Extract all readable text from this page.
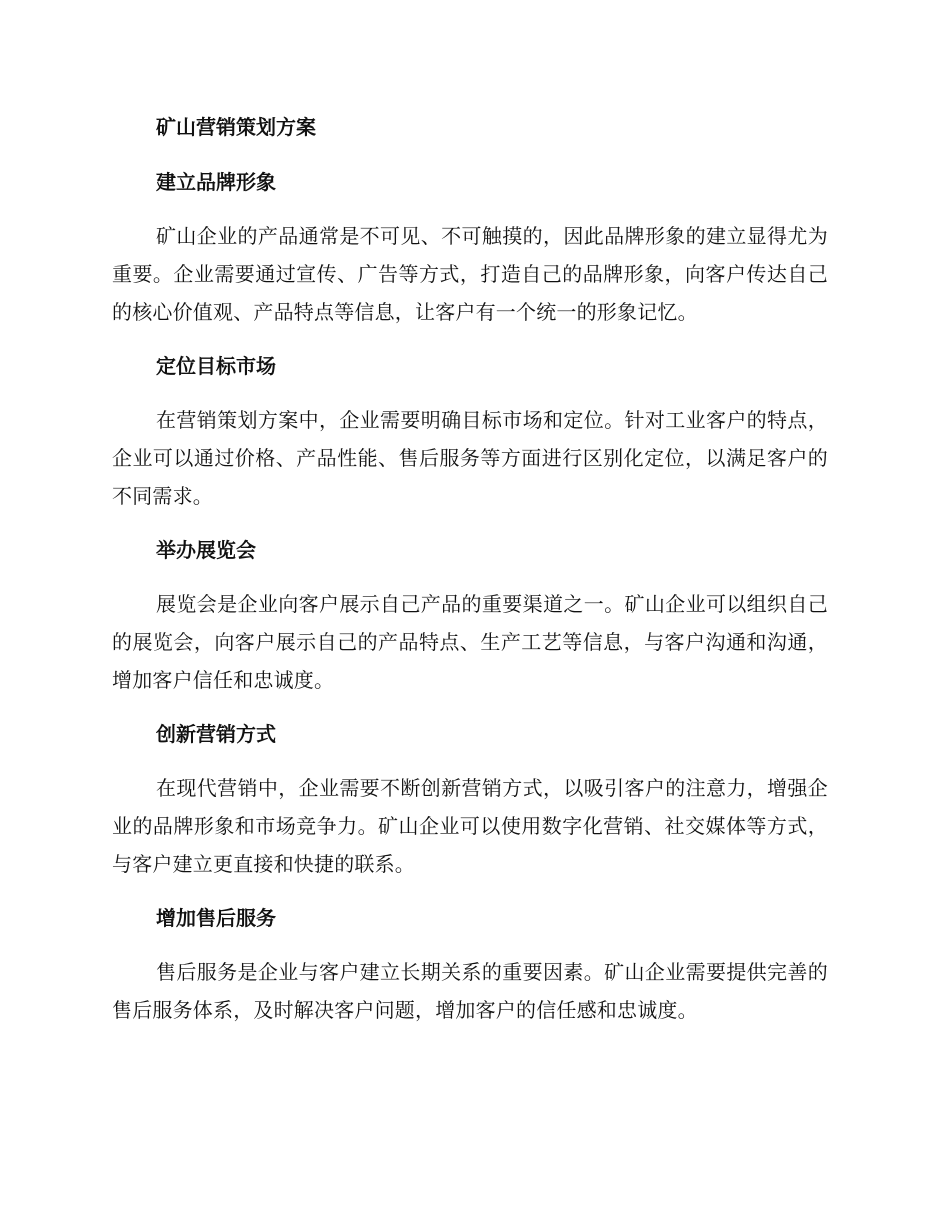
矿山营销策划方案
建立品牌形象

矿山企业的产品通常是不可见、不可触摸的，因此品牌形象的建立显得尤为重要。企业需要通过宣传、广告等方式，打造自己的品牌形象，向客户传达自己的核心价值观、产品特点等信息，让客户有一个统一的形象记忆。

定位目标市场

在营销策划方案中，企业需要明确目标市场和定位。针对工业客户的特点，企业可以通过价格、产品性能、售后服务等方面进行区别化定位，以满足客户的不同需求。

举办展览会

展览会是企业向客户展示自己产品的重要渠道之一。矿山企业可以组织自己的展览会，向客户展示自己的产品特点、生产工艺等信息，与客户沟通和沟通，增加客户信任和忠诚度。

创新营销方式

在现代营销中，企业需要不断创新营销方式，以吸引客户的注意力，增强企业的品牌形象和市场竞争力。矿山企业可以使用数字化营销、社交媒体等方式，与客户建立更直接和快捷的联系。

增加售后服务

售后服务是企业与客户建立长期关系的重要因素。矿山企业需要提供完善的售后服务体系，及时解决客户问题，增加客户的信任感和忠诚度。
